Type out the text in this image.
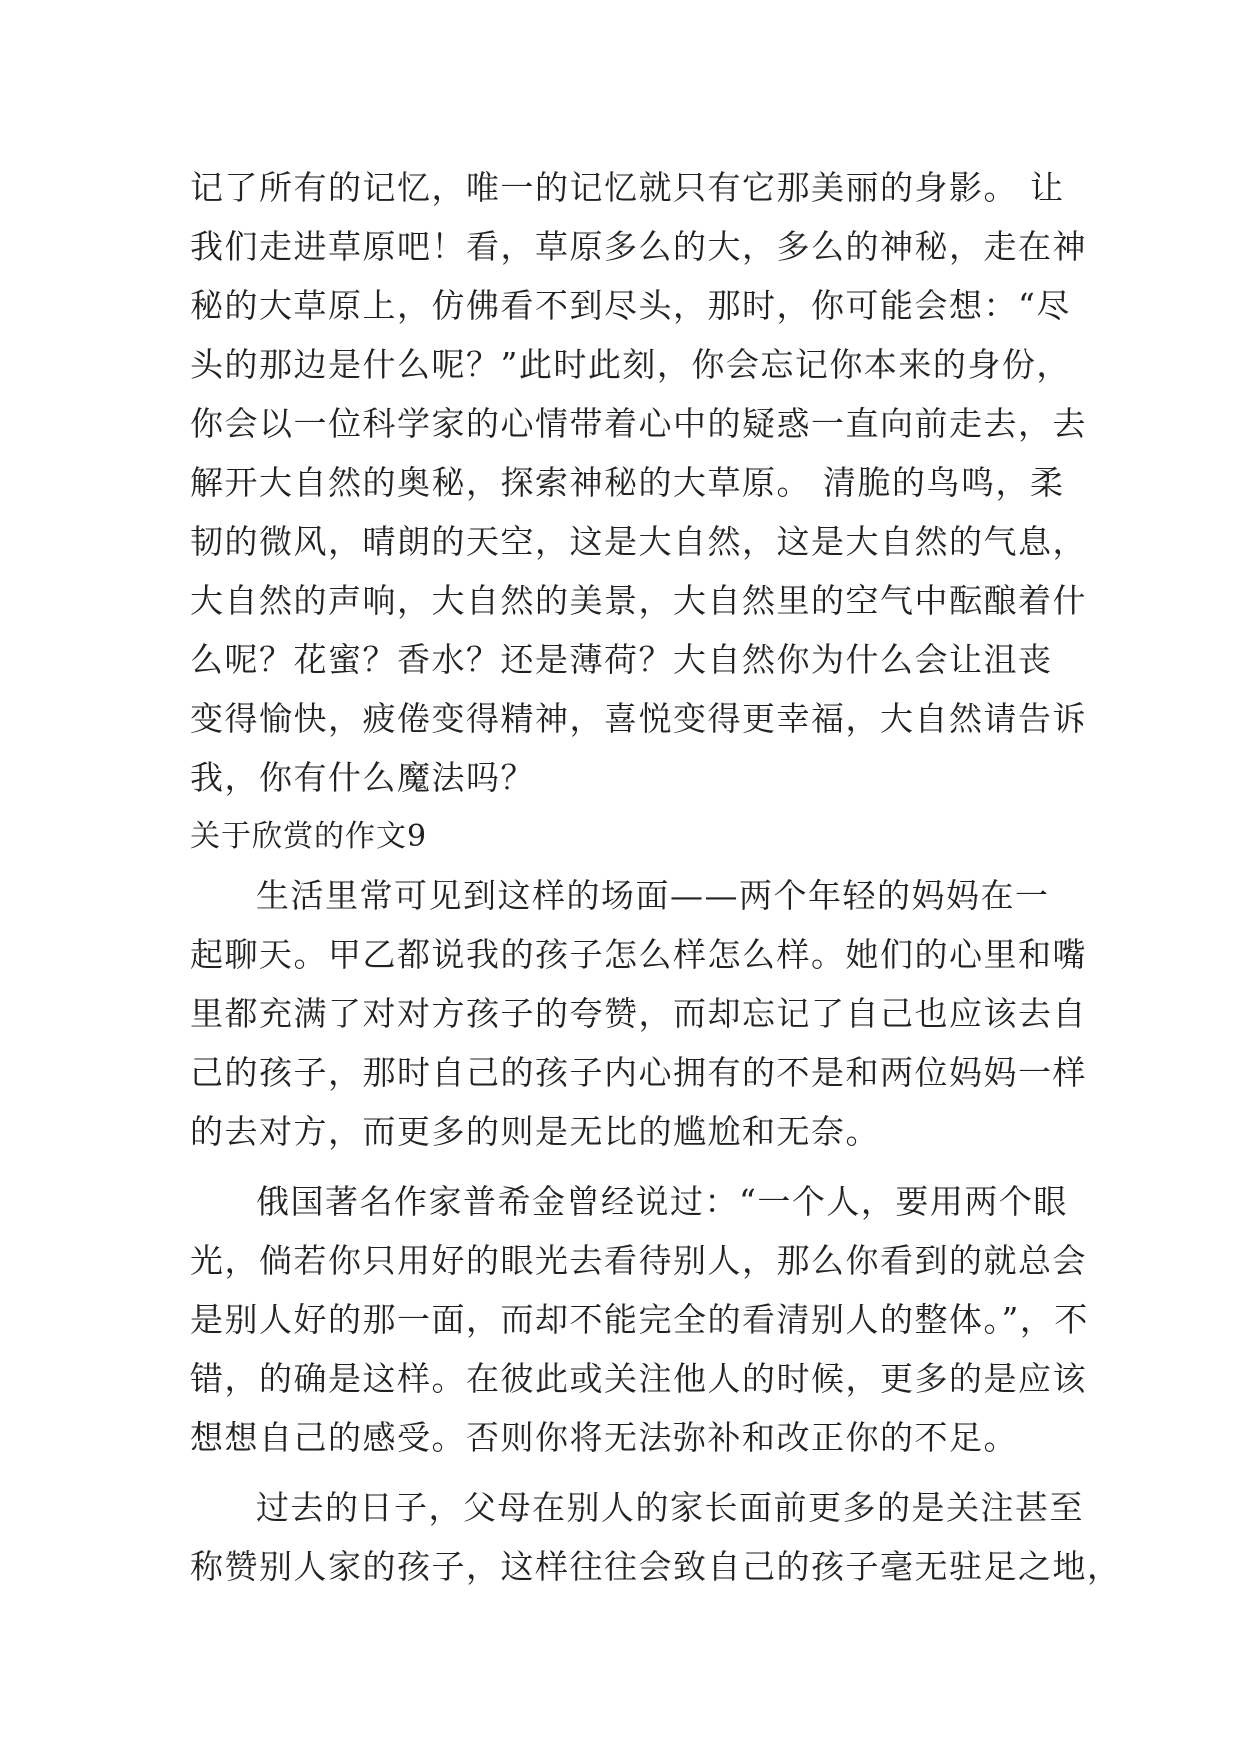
记了所有的记忆，唯一的记忆就只有它那美丽的身影。 让
我们走进草原吧！看，草原多么的大，多么的神秘，走在神
秘的大草原上，仿佛看不到尽头，那时，你可能会想：“尽
头的那边是什么呢？”此时此刻，你会忘记你本来的身份，
你会以一位科学家的心情带着心中的疑惑一直向前走去，去
解开大自然的奥秘，探索神秘的大草原。 清脆的鸟鸣，柔
韧的微风，晴朗的天空，这是大自然，这是大自然的气息，
大自然的声响，大自然的美景，大自然里的空气中酝酿着什
么呢？花蜜？香水？还是薄荷？大自然你为什么会让沮丧
变得愉快，疲倦变得精神，喜悦变得更幸福，大自然请告诉
我，你有什么魔法吗？
关于欣赏的作文9
生活里常可见到这样的场面——两个年轻的妈妈在一
起聊天。甲乙都说我的孩子怎么样怎么样。她们的心里和嘴
里都充满了对对方孩子的夸赞，而却忘记了自己也应该去自
己的孩子，那时自己的孩子内心拥有的不是和两位妈妈一样
的去对方，而更多的则是无比的尴尬和无奈。
俄国著名作家普希金曾经说过：“一个人，要用两个眼
光，倘若你只用好的眼光去看待别人，那么你看到的就总会
是别人好的那一面，而却不能完全的看清别人的整体。”，不
错，的确是这样。在彼此或关注他人的时候，更多的是应该
想想自己的感受。否则你将无法弥补和改正你的不足。
过去的日子，父母在别人的家长面前更多的是关注甚至
称赞别人家的孩子，这样往往会致自己的孩子毫无驻足之地，
